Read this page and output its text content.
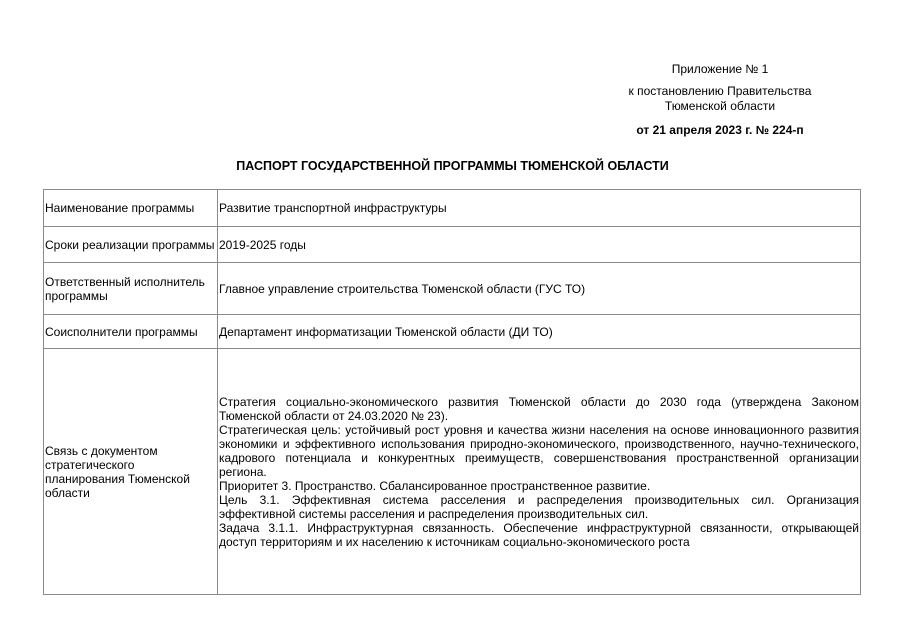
Приложение № 1
к постановлению Правительства
Тюменской области
от 21 апреля 2023 г. № 224-п
ПАСПОРТ ГОСУДАРСТВЕННОЙ ПРОГРАММЫ ТЮМЕНСКОЙ ОБЛАСТИ
Наименование программы	Развитие транспортной инфраструктуры
Сроки реализации программы	2019-2025 годы
Ответственный исполнитель программы	Главное управление строительства Тюменской области (ГУС ТО)
Соисполнители программы	Департамент информатизации Тюменской области (ДИ ТО)
Связь с документом стратегического планирования Тюменской области	Стратегия социально-экономического развития Тюменской области до 2030 года (утверждена Законом Тюменской области от 24.03.2020 № 23).
Стратегическая цель: устойчивый рост уровня и качества жизни населения на основе инновационного развития экономики и эффективного использования природно-экономического, производственного, научно-технического, кадрового потенциала и конкурентных преимуществ, совершенствования пространственной организации региона.
Приоритет 3. Пространство. Сбалансированное пространственное развитие.
Цель 3.1. Эффективная система расселения и распределения производительных сил. Организация эффективной системы расселения и распределения производительных сил.
Задача 3.1.1. Инфраструктурная связанность. Обеспечение инфраструктурной связанности, открывающей доступ территориям и их населению к источникам социально-экономического роста
